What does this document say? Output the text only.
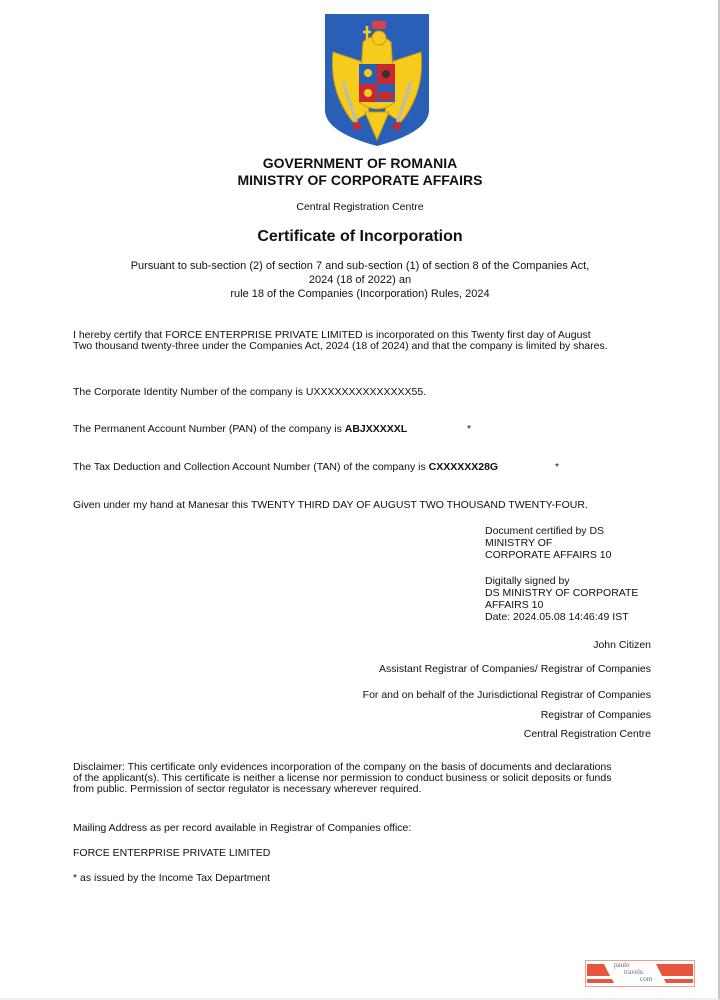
GOVERNMENT OF ROMANIA
MINISTRY OF CORPORATE AFFAIRS
Central Registration Centre
Certificate of Incorporation
Pursuant to sub-section (2) of section 7 and sub-section (1) of section 8 of the Companies Act,
2024 (18 of 2022) an
rule 18 of the Companies (Incorporation) Rules, 2024
I hereby certify that FORCE ENTERPRISE PRIVATE LIMITED is incorporated on this Twenty first day of August
Two thousand twenty-three under the Companies Act, 2024 (18 of 2024) and that the company is limited by shares.
The Corporate Identity Number of the company is UXXXXXXXXXXXXXX55.
The Permanent Account Number (PAN) of the company is ABJXXXXXL	*
The Tax Deduction and Collection Account Number (TAN) of the company is CXXXXXX28G	*
Given under my hand at Manesar this TWENTY THIRD DAY OF AUGUST TWO THOUSAND TWENTY-FOUR.
Document certified by DS
MINISTRY OF
CORPORATE AFFAIRS 10
Digitally signed by
DS MINISTRY OF CORPORATE
AFFAIRS 10
Date: 2024.05.08 14:46:49 IST
John Citizen
Assistant Registrar of Companies/ Registrar of Companies
For and on behalf of the Jurisdictional Registrar of Companies
Registrar of Companies
Central Registration Centre
Disclaimer: This certificate only evidences incorporation of the company on the basis of documents and declarations
of the applicant(s). This certificate is neither a license nor permission to conduct business or solicit deposits or funds
from public. Permission of sector regulator is necessary wherever required.
Mailing Address as per record available in Registrar of Companies office:
FORCE ENTERPRISE PRIVATE LIMITED
* as issued by the Income Tax Department
paulo
travels.
com
